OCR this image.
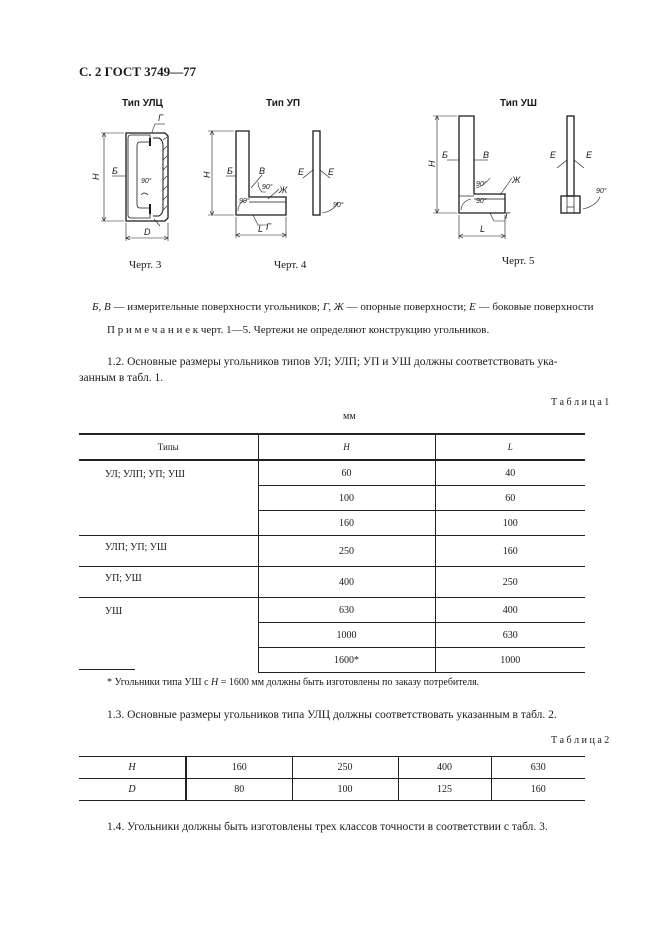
С. 2 ГОСТ 3749—77
Тип УЛЦ	Тип УП	Тип УШ
H
Б
Г
90°
D
H Б	В
90° Ж
90°
Г
L
Е	Е
90°
H
Б	В
90°	Ж
90°
Г
L
Е	Е
90°
Черт. 3	Черт. 4	Черт. 5
Б, В — измерительные поверхности угольников; Г, Ж — опорные поверхности; Е — боковые поверхности
П р и м е ч а н и е к черт. 1—5. Чертежи не определяют конструкцию угольников.
1.2. Основные размеры угольников типов УЛ; УЛП; УП и УШ должны соответствовать ука-
занным в табл. 1.
Т а б л и ц а 1
мм
Типы	H	L
УЛ; УЛП; УП; УШ	60	40
	100	60
	160	100
УЛП; УП; УШ	250	160
УП; УШ	400	250
УШ	630	400
	1000	630
	1600*	1000
* Угольники типа УШ с H = 1600 мм должны быть изготовлены по заказу потребителя.
1.3. Основные размеры угольников типа УЛЦ должны соответствовать указанным в табл. 2.
Т а б л и ц а 2
H	160	250	400	630
D	80	100	125	160
1.4. Угольники должны быть изготовлены трех классов точности в соответствии с табл. 3.
